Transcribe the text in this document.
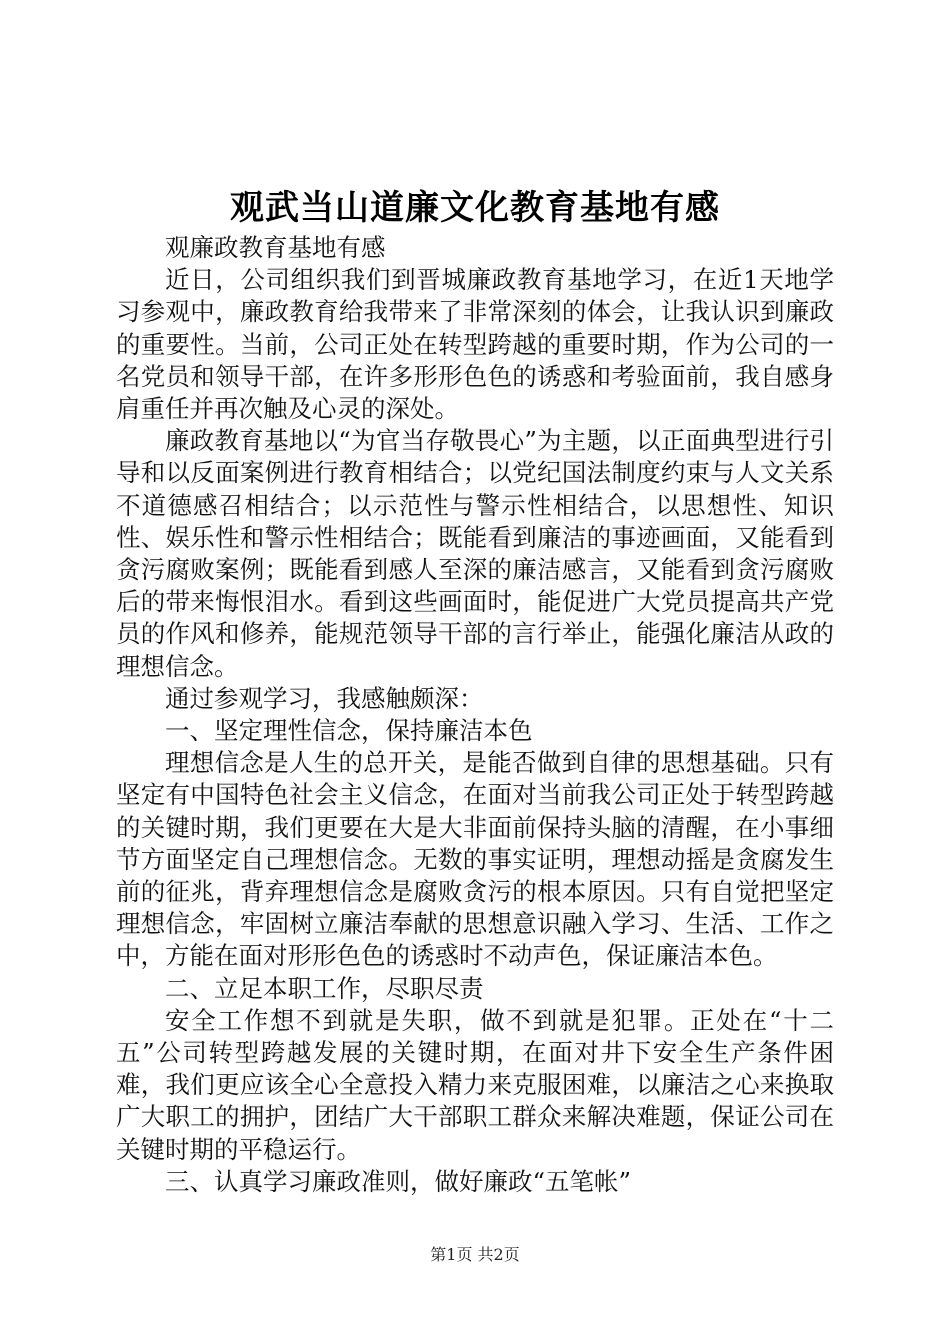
观武当山道廉文化教育基地有感

观廉政教育基地有感

近日，公司组织我们到晋城廉政教育基地学习，在近1天地学习参观中，廉政教育给我带来了非常深刻的体会，让我认识到廉政的重要性。当前，公司正处在转型跨越的重要时期，作为公司的一名党员和领导干部，在许多形形色色的诱惑和考验面前，我自感身肩重任并再次触及心灵的深处。

廉政教育基地以“为官当存敬畏心”为主题，以正面典型进行引导和以反面案例进行教育相结合；以党纪国法制度约束与人文关系不道德感召相结合；以示范性与警示性相结合，以思想性、知识性、娱乐性和警示性相结合；既能看到廉洁的事迹画面，又能看到贪污腐败案例；既能看到感人至深的廉洁感言，又能看到贪污腐败后的带来悔恨泪水。看到这些画面时，能促进广大党员提高共产党员的作风和修养，能规范领导干部的言行举止，能强化廉洁从政的理想信念。

通过参观学习，我感触颇深：

一、坚定理性信念，保持廉洁本色

理想信念是人生的总开关，是能否做到自律的思想基础。只有坚定有中国特色社会主义信念，在面对当前我公司正处于转型跨越的关键时期，我们更要在大是大非面前保持头脑的清醒，在小事细节方面坚定自己理想信念。无数的事实证明，理想动摇是贪腐发生前的征兆，背弃理想信念是腐败贪污的根本原因。只有自觉把坚定理想信念，牢固树立廉洁奉献的思想意识融入学习、生活、工作之中，方能在面对形形色色的诱惑时不动声色，保证廉洁本色。

二、立足本职工作，尽职尽责

安全工作想不到就是失职，做不到就是犯罪。正处在“十二五”公司转型跨越发展的关键时期，在面对井下安全生产条件困难，我们更应该全心全意投入精力来克服困难，以廉洁之心来换取广大职工的拥护，团结广大干部职工群众来解决难题，保证公司在关键时期的平稳运行。

三、认真学习廉政准则，做好廉政“五笔帐”

第1页 共2页
